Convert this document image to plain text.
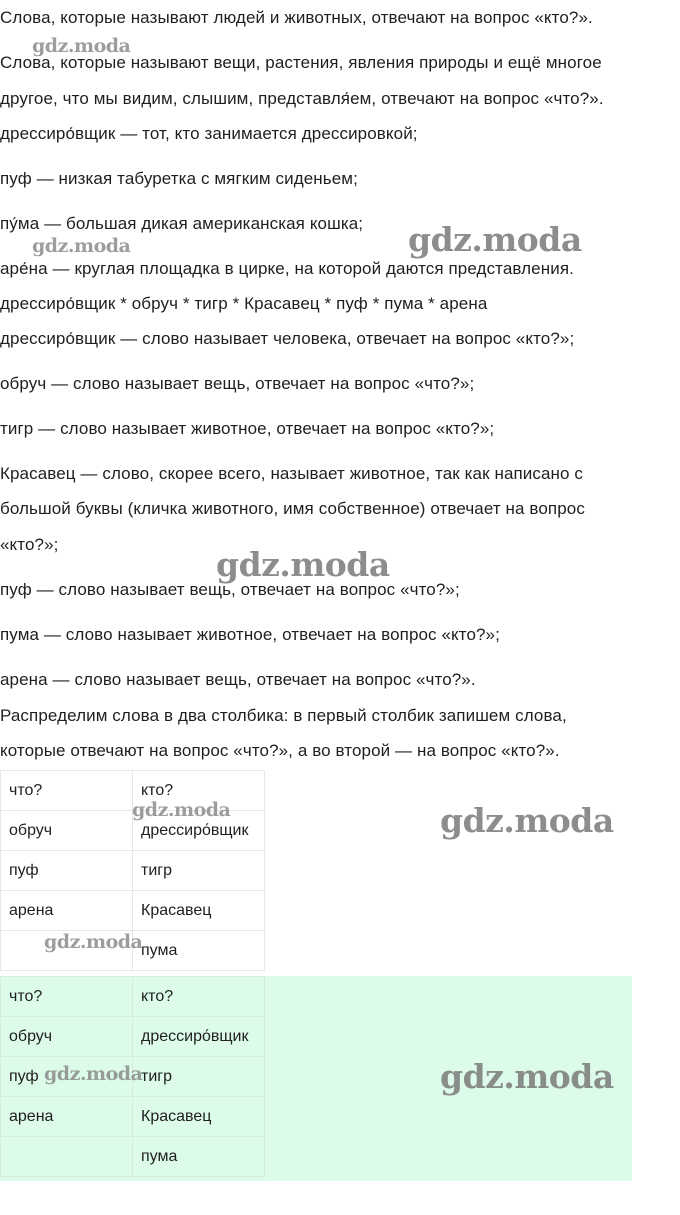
Слова, которые называют людей и животных, отвечают на вопрос «кто?».
Слова, которые называют вещи, растения, явления природы и ещё многое
другое, что мы видим, слышим, представля́ем, отвечают на вопрос «что?».
дрессиро́вщик — тот, кто занимается дрессировкой;
пуф — низкая табуретка с мягким сиденьем;
пу́ма — большая дикая американская кошка;
аре́на — круглая площадка в цирке, на которой даются представления.
дрессиро́вщик * обруч * тигр * Красавец * пуф * пума * арена
дрессиро́вщик — слово называет человека, отвечает на вопрос «кто?»;
обруч — слово называет вещь, отвечает на вопрос «что?»;
тигр — слово называет животное, отвечает на вопрос «кто?»;
Красавец — слово, скорее всего, называет животное, так как написано с
большой буквы (кличка животного, имя собственное) отвечает на вопрос
«кто?»;
пуф — слово называет вещь, отвечает на вопрос «что?»;
пума — слово называет животное, отвечает на вопрос «кто?»;
арена — слово называет вещь, отвечает на вопрос «что?».
Распределим слова в два столбика: в первый столбик запишем слова,
которые отвечают на вопрос «что?», а во второй — на вопрос «кто?».
что?	кто?
обруч	дрессиро́вщик
пуф	тигр
арена	Красавец
	пума
что?	кто?
обруч	дрессиро́вщик
пуф	тигр
арена	Красавец
	пума
gdz.moda
gdz.moda	gdz.moda
gdz.moda
gdz.moda	gdz.moda
gdz.moda
gdz.moda	gdz.moda
